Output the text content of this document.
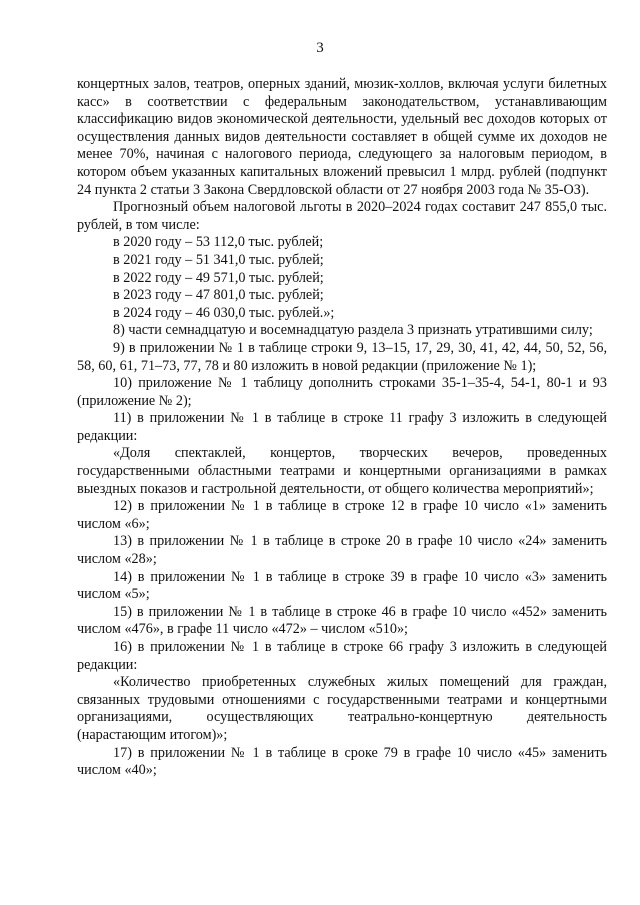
3

концертных залов, театров, оперных зданий, мюзик-холлов, включая услуги билетных касс» в соответствии с федеральным законодательством, устанавливающим классификацию видов экономической деятельности, удельный вес доходов которых от осуществления данных видов деятельности составляет в общей сумме их доходов не менее 70%, начиная с налогового периода, следующего за налоговым периодом, в котором объем указанных капитальных вложений превысил 1 млрд. рублей (подпункт 24 пункта 2 статьи 3 Закона Свердловской области от 27 ноября 2003 года № 35-ОЗ).

Прогнозный объем налоговой льготы в 2020–2024 годах составит 247 855,0 тыс. рублей, в том числе:

в 2020 году – 53 112,0 тыс. рублей;

в 2021 году – 51 341,0 тыс. рублей;

в 2022 году – 49 571,0 тыс. рублей;

в 2023 году – 47 801,0 тыс. рублей;

в 2024 году – 46 030,0 тыс. рублей.»;

8) части семнадцатую и восемнадцатую раздела 3 признать утратившими силу;

9) в приложении № 1 в таблице строки 9, 13–15, 17, 29, 30, 41, 42, 44, 50, 52, 56, 58, 60, 61, 71–73, 77, 78 и 80 изложить в новой редакции (приложение № 1);

10) приложение № 1 таблицу дополнить строками 35-1–35-4, 54-1, 80-1 и 93 (приложение № 2);

11) в приложении № 1 в таблице в строке 11 графу 3 изложить в следующей редакции:

«Доля спектаклей, концертов, творческих вечеров, проведенных государственными областными театрами и концертными организациями в рамках выездных показов и гастрольной деятельности, от общего количества мероприятий»;

12) в приложении № 1 в таблице в строке 12 в графе 10 число «1» заменить числом «6»;

13) в приложении № 1 в таблице в строке 20 в графе 10 число «24» заменить числом «28»;

14) в приложении № 1 в таблице в строке 39 в графе 10 число «3» заменить числом «5»;

15) в приложении № 1 в таблице в строке 46 в графе 10 число «452» заменить числом «476», в графе 11 число «472» – числом «510»;

16) в приложении № 1 в таблице в строке 66 графу 3 изложить в следующей редакции:

«Количество приобретенных служебных жилых помещений для граждан, связанных трудовыми отношениями с государственными театрами и концертными организациями, осуществляющих театрально-концертную деятельность (нарастающим итогом)»;

17) в приложении № 1 в таблице в сроке 79 в графе 10 число «45» заменить числом «40»;
